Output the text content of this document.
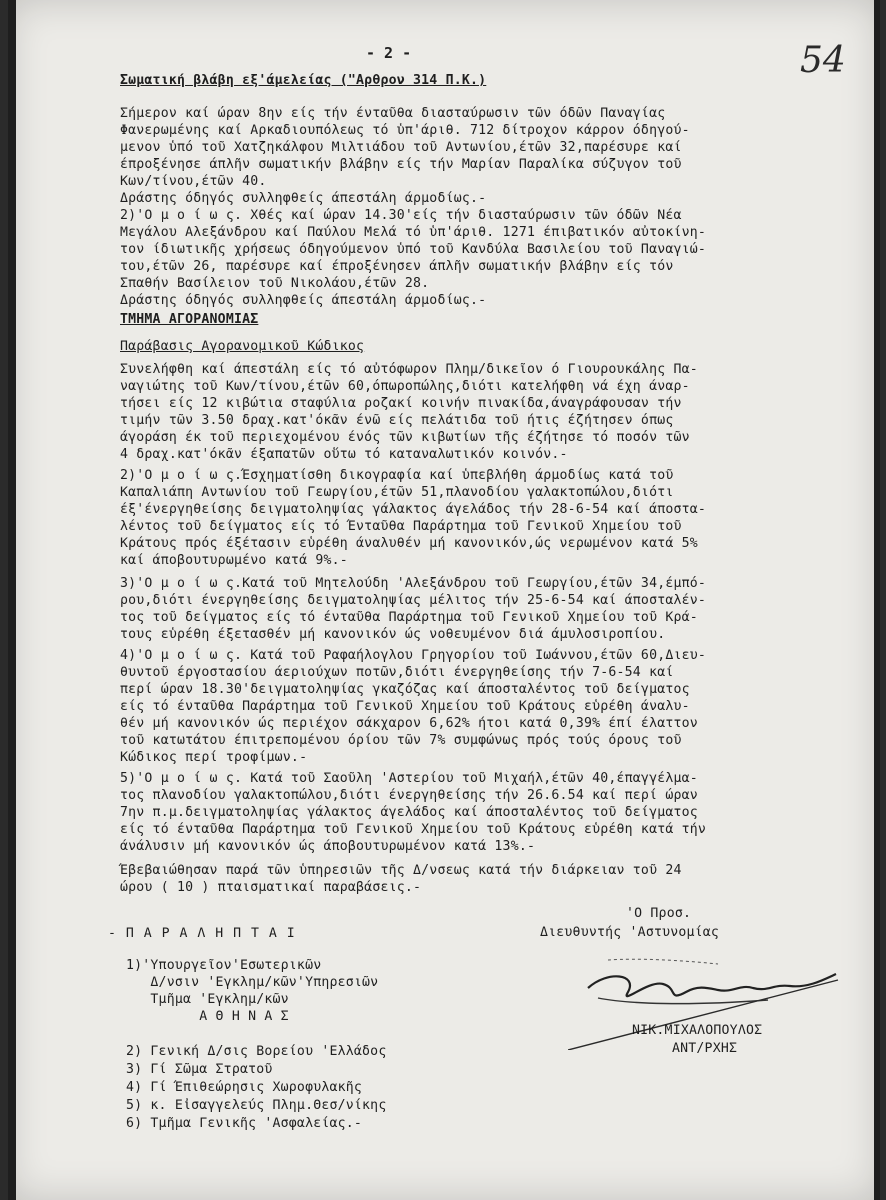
- 2 -	54
Σωματική βλάβη εξ'άμελείας ("Αρθρον 314 Π.Κ.)
Σήμερον καί ώραν 8ην είς τήν ένταῦθα διασταύρωσιν τῶν όδῶν Παναγίας
Φανερωμένης καί Αρκαδιουπόλεως τό ὑπ'άριθ. 712 δίτροχον κάρρον όδηγού-
μενον ὑπό τοῦ Χατζηκάλφου Μιλτιάδου τοῦ Αντωνίου,έτῶν 32,παρέσυρε καί
έπροξένησε άπλῆν σωματικήν βλάβην είς τήν Μαρίαν Παραλίκα σύζυγον τοῦ
Κων/τίνου,έτῶν 40.
Δράστης όδηγός συλληφθείς άπεστάλη άρμοδίως.-
2)'Ο μ ο ί ω ς. Χθές καί ώραν 14.30'είς τήν διασταύρωσιν τῶν όδῶν Νέα
Μεγάλου Αλεξάνδρου καί Παύλου Μελά τό ὑπ'άριθ. 1271 έπιβατικόν αὐτοκίνη-
τον ίδιωτικῆς χρήσεως όδηγούμενον ὑπό τοῦ Κανδύλα Βασιλείου τοῦ Παναγιώ-
του,έτῶν 26, παρέσυρε καί έπροξένησεν άπλῆν σωματικήν βλάβην είς τόν
Σπαθήν Βασίλειον τοῦ Νικολάου,έτῶν 28.
Δράστης όδηγός συλληφθείς άπεστάλη άρμοδίως.-
ΤΜΗΜΑ ΑΓΟΡΑΝΟΜΙΑΣ
Παράβασις Αγορανομικοῦ Κώδικος
Συνελήφθη καί άπεστάλη είς τό αὐτόφωρον Πλημ/δικεῖον ό Γιουρουκάλης Πα-
ναγιώτης τοῦ Κων/τίνου,έτῶν 60,όπωροπώλης,διότι κατελήφθη νά έχη άναρ-
τήσει είς 12 κιβώτια σταφύλια ροζακί κοινήν πινακίδα,άναγράφουσαν τήν
τιμήν τῶν 3.50 δραχ.κατ'όκᾶν ένῶ είς πελάτιδα τοῦ ήτις έζήτησεν όπως
άγοράση έκ τοῦ περιεχομένου ένός τῶν κιβωτίων τῆς έζήτησε τό ποσόν τῶν
4 δραχ.κατ'όκᾶν έξαπατῶν οὕτω τό καταναλωτικόν κοινόν.-
2)'Ο μ ο ί ω ς.Έσχηματίσθη δικογραφία καί ὑπεβλήθη άρμοδίως κατά τοῦ
Καπαλιάπη Αντωνίου τοῦ Γεωργίου,έτῶν 51,πλανοδίου γαλακτοπώλου,διότι
έξ'ένεργηθείσης δειγματοληψίας γάλακτος άγελάδος τήν 28-6-54 καί άποστα-
λέντος τοῦ δείγματος είς τό Ένταῦθα Παράρτημα τοῦ Γενικοῦ Χημείου τοῦ
Κράτους πρός έξέτασιν εὑρέθη άναλυθέν μή κανονικόν,ώς νερωμένον κατά 5%
καί άποβουτυρωμένο κατά 9%.-
3)'Ο μ ο ί ω ς.Κατά τοῦ Μητελούδη 'Αλεξάνδρου τοῦ Γεωργίου,έτῶν 34,έμπό-
ρου,διότι ένεργηθείσης δειγματοληψίας μέλιτος τήν 25-6-54 καί άποσταλέν-
τος τοῦ δείγματος είς τό ένταῦθα Παράρτημα τοῦ Γενικοῦ Χημείου τοῦ Κρά-
τους εὑρέθη έξετασθέν μή κανονικόν ώς νοθευμένον διά άμυλοσιροπίου.
4)'Ο μ ο ί ω ς. Κατά τοῦ Ραφαήλογλου Γρηγορίου τοῦ Ιωάννου,έτῶν 60,Διευ-
θυντοῦ έργοστασίου άεριούχων ποτῶν,διότι ένεργηθείσης τήν 7-6-54 καί
περί ώραν 18.30'δειγματοληψίας γκαζόζας καί άποσταλέντος τοῦ δείγματος
είς τό ένταῦθα Παράρτημα τοῦ Γενικοῦ Χημείου τοῦ Κράτους εὑρέθη άναλυ-
θέν μή κανονικόν ώς περιέχον σάκχαρον 6,62% ήτοι κατά 0,39% έπί έλαττον
τοῦ κατωτάτου έπιτρεπομένου όρίου τῶν 7% συμφώνως πρός τούς όρους τοῦ
Κώδικος περί τροφίμων.-
5)'Ο μ ο ί ω ς. Κατά τοῦ Σαοῦλη 'Αστερίου τοῦ Μιχαήλ,έτῶν 40,έπαγγέλμα-
τος πλανοδίου γαλακτοπώλου,διότι ένεργηθείσης τήν 26.6.54 καί περί ώραν
7ην π.μ.δειγματοληψίας γάλακτος άγελάδος καί άποσταλέντος τοῦ δείγματος
είς τό ένταῦθα Παράρτημα τοῦ Γενικοῦ Χημείου τοῦ Κράτους εὑρέθη κατά τήν
άνάλυσιν μή κανονικόν ώς άποβουτυρωμένον κατά 13%.-
Έβεβαιώθησαν παρά τῶν ὑπηρεσιῶν τῆς Δ/νσεως κατά τήν διάρκειαν τοῦ 24
ώρου ( 10 ) πταισματικαί παραβάσεις.-
- Π Α Ρ Α Λ Η Π Τ Α Ι
1)'Υπουργεῖον'Εσωτερικῶν
Δ/νσιν 'Εγκλημ/κῶν'Υπηρεσιῶν
Τμῆμα 'Εγκλημ/κῶν
Α Θ Η Ν Α Σ
2) Γενική Δ/σις Βορείου 'Ελλάδος
3) Γί Σῶμα Στρατοῦ
4) Γί Έπιθεώρησις Χωροφυλακῆς
5) κ. Εἰσαγγελεύς Πλημ.Θεσ/νίκης
6) Τμῆμα Γενικῆς 'Ασφαλείας.-
'Ο Προσ.
Διευθυντής 'Αστυνομίας
ΝΙΚ.ΜΙΧΑΛΟΠΟΥΛΟΣ
ΑΝΤ/ΡΧΗΣ
